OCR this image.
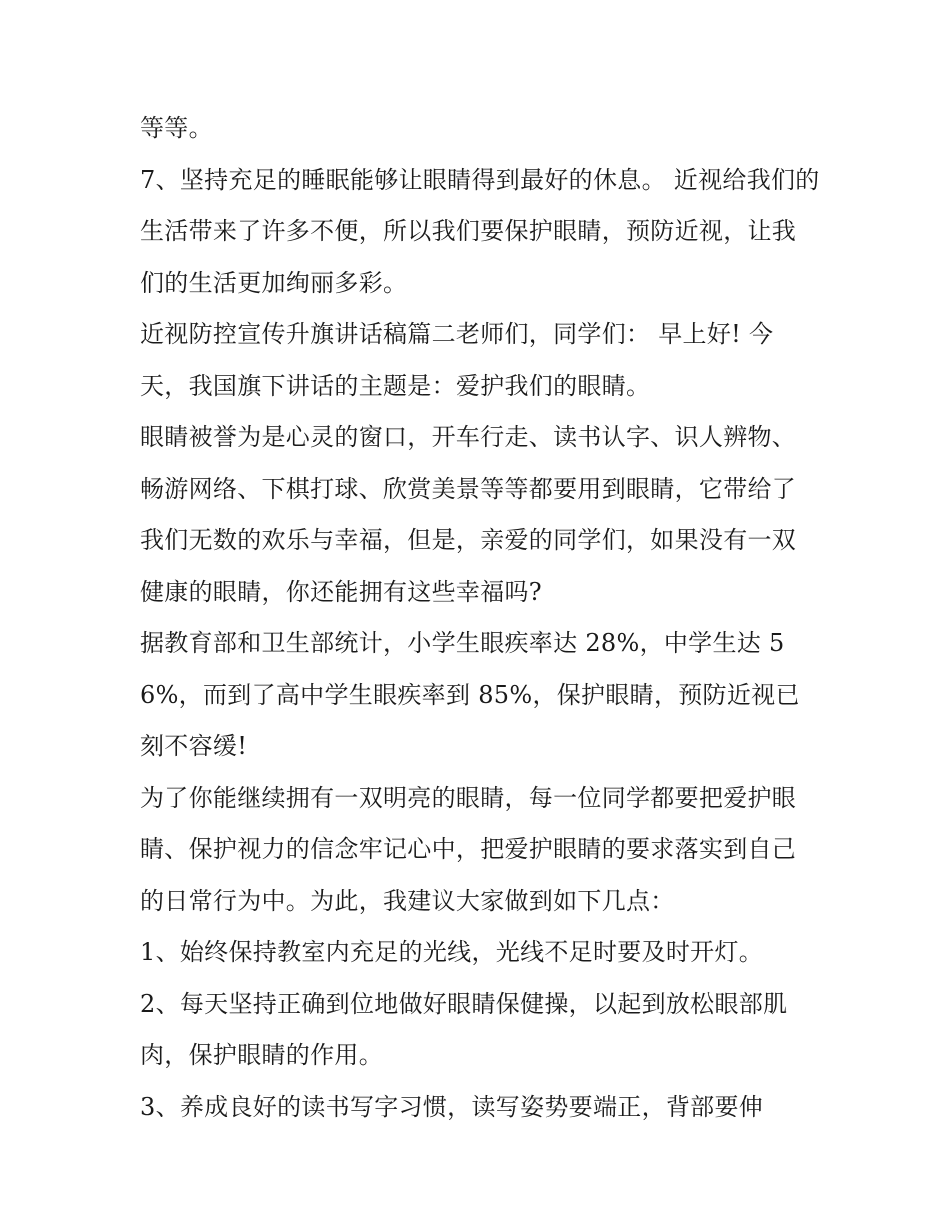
等等。

7、坚持充足的睡眠能够让眼睛得到最好的休息。 近视给我们的生活带来了许多不便，所以我们要保护眼睛，预防近视，让我们的生活更加绚丽多彩。

近视防控宣传升旗讲话稿篇二老师们，同学们： 早上好! 今天，我国旗下讲话的主题是：爱护我们的眼睛。

眼睛被誉为是心灵的窗口，开车行走、读书认字、识人辨物、畅游网络、下棋打球、欣赏美景等等都要用到眼睛，它带给了我们无数的欢乐与幸福，但是，亲爱的同学们，如果没有一双健康的眼睛，你还能拥有这些幸福吗?

据教育部和卫生部统计，小学生眼疾率达 28%，中学生达 56%，而到了高中学生眼疾率到 85%，保护眼睛，预防近视已刻不容缓!

为了你能继续拥有一双明亮的眼睛，每一位同学都要把爱护眼睛、保护视力的信念牢记心中，把爱护眼睛的要求落实到自己的日常行为中。为此，我建议大家做到如下几点：

1、始终保持教室内充足的光线，光线不足时要及时开灯。

2、每天坚持正确到位地做好眼睛保健操，以起到放松眼部肌肉，保护眼睛的作用。

3、养成良好的读书写字习惯，读写姿势要端正，背部要伸
